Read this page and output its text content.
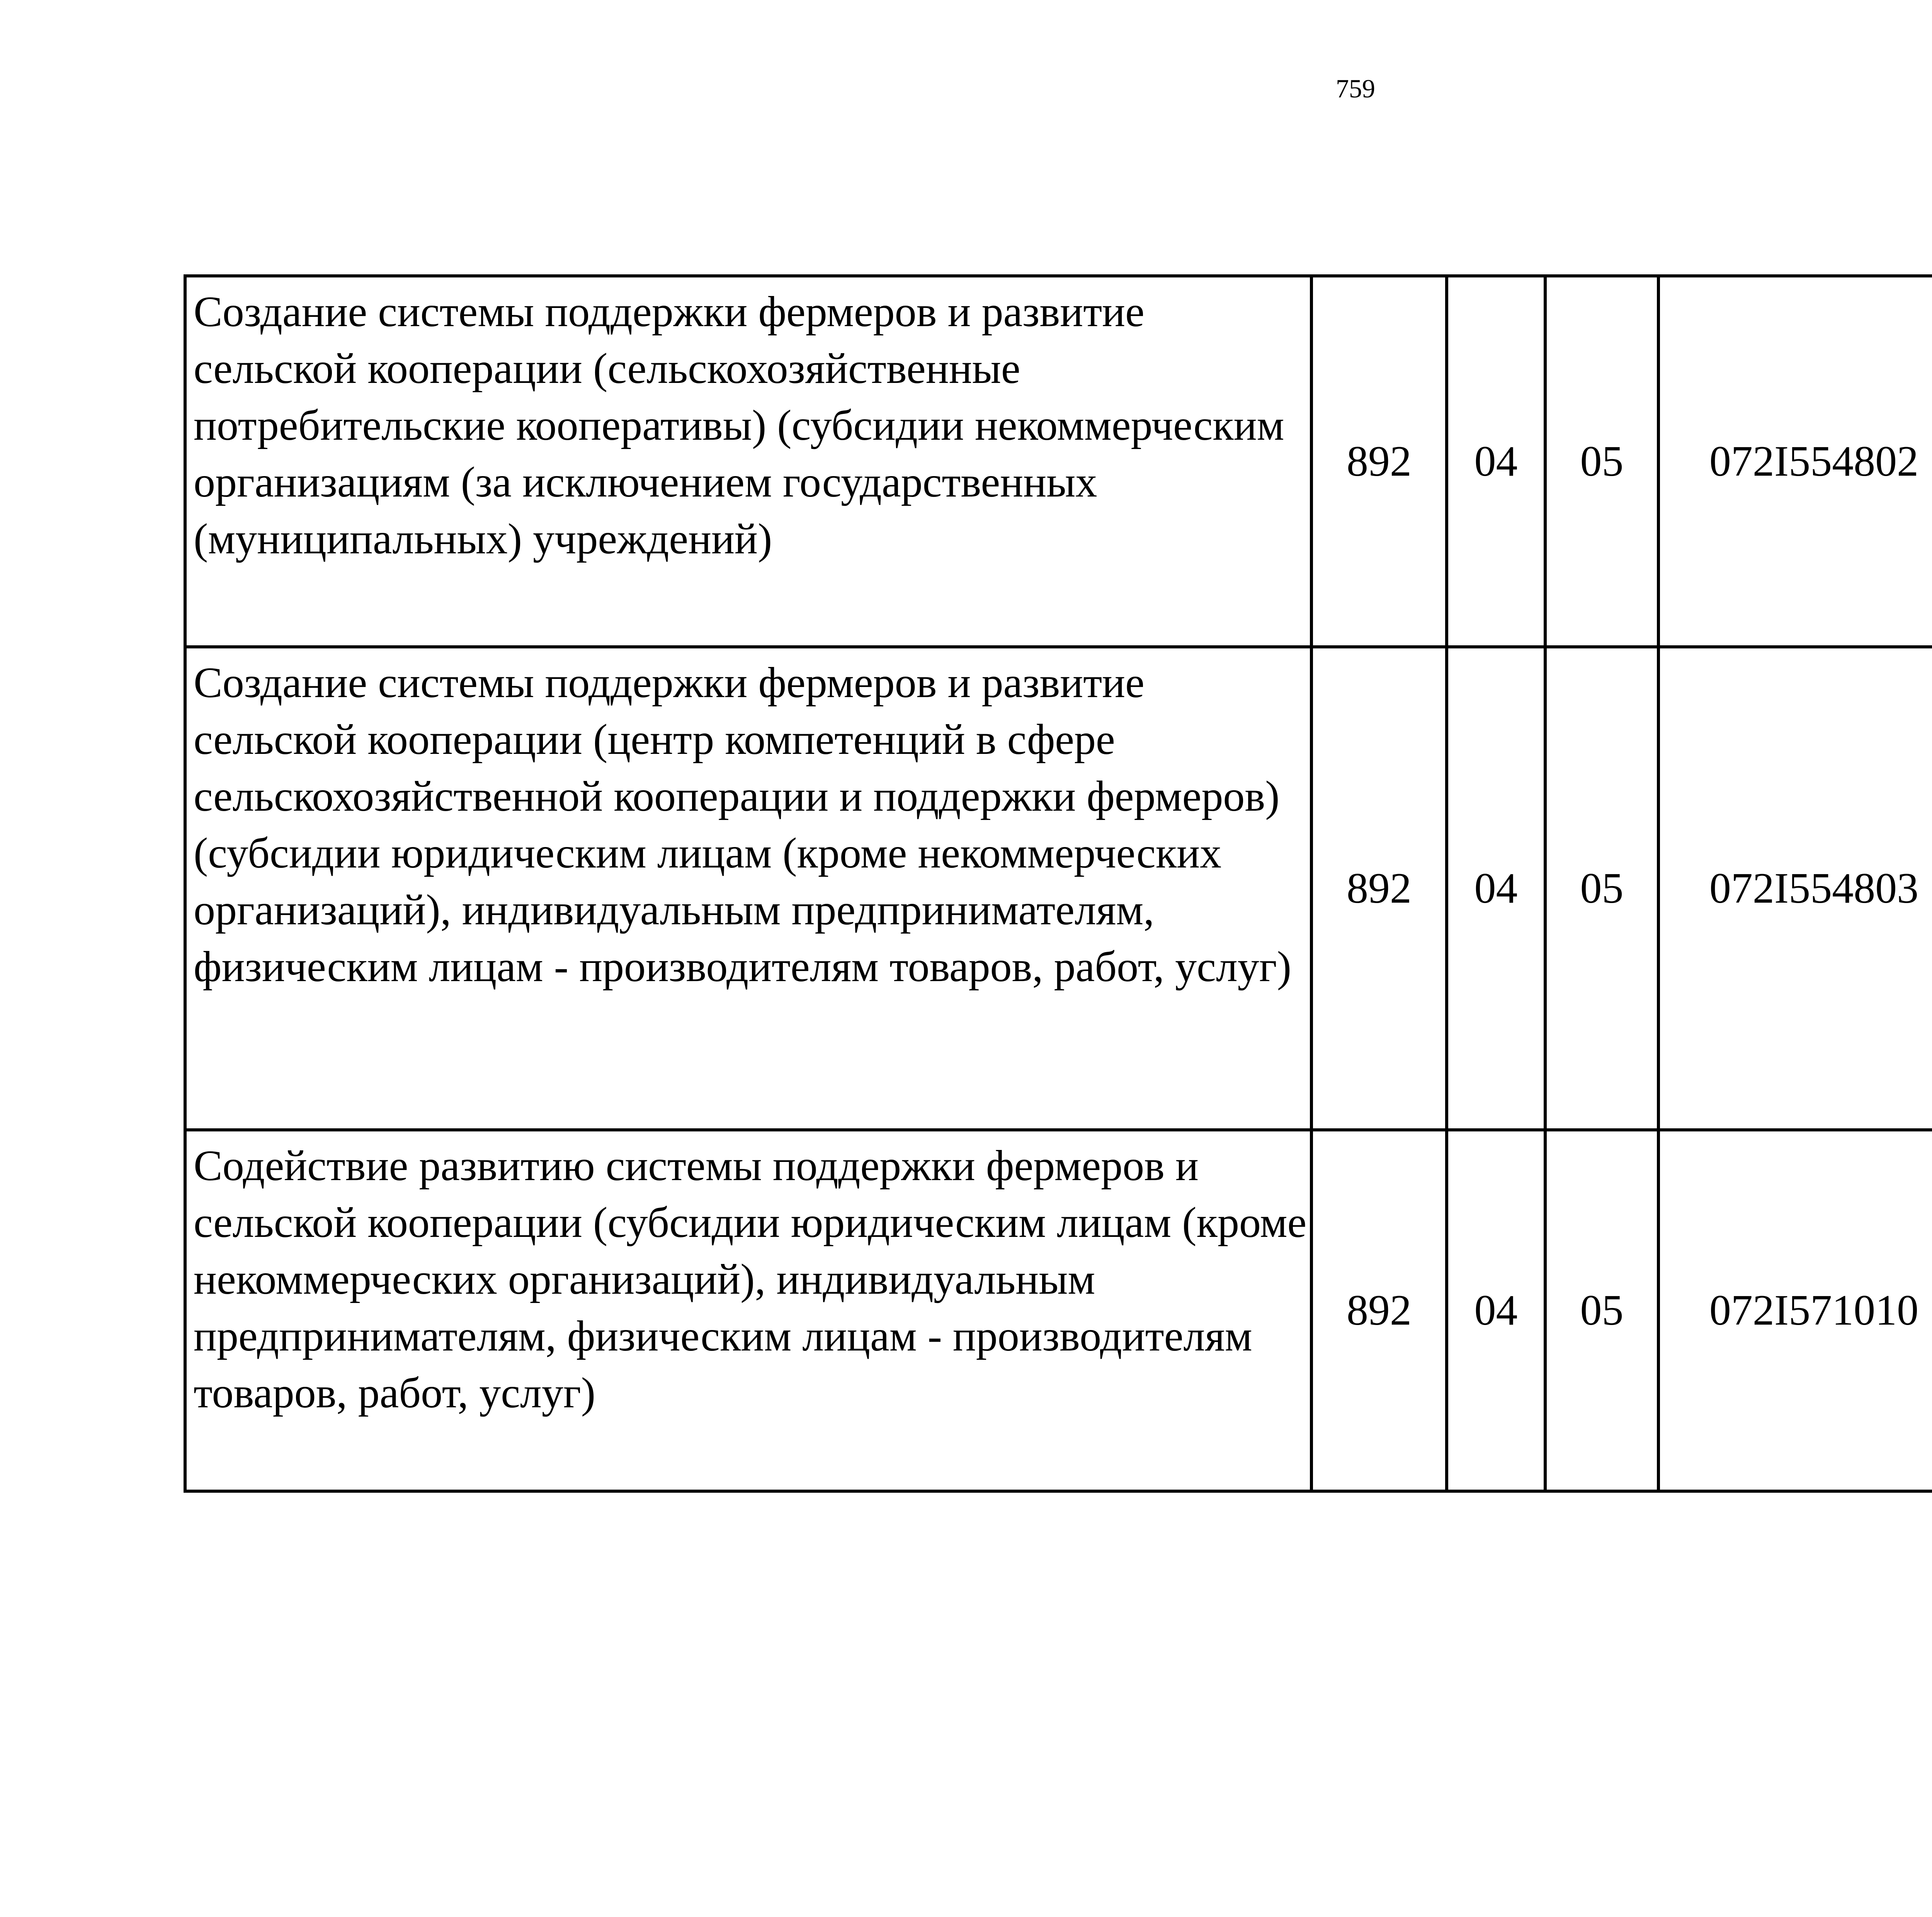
759
Создание системы поддержки фермеров и развитие сельской кооперации (сельскохозяйственные потребительские кооперативы) (субсидии некоммерческим организациям (за исключением государственных (муниципальных) учреждений)	892	04	05	072I554802		
Создание системы поддержки фермеров и развитие сельской кооперации (центр компетенций в сфере сельскохозяйственной кооперации и поддержки фермеров) (субсидии юридическим лицам (кроме некоммерческих организаций), индивидуальным предпринимателям, физическим лицам - производителям товаров, работ, услуг)	892	04	05	072I554803		
Содействие развитию системы поддержки фермеров и сельской кооперации (субсидии юридическим лицам (кроме некоммерческих организаций), индивидуальным предпринимателям, физическим лицам - производителям товаров, работ, услуг)	892	04	05	072I571010		
